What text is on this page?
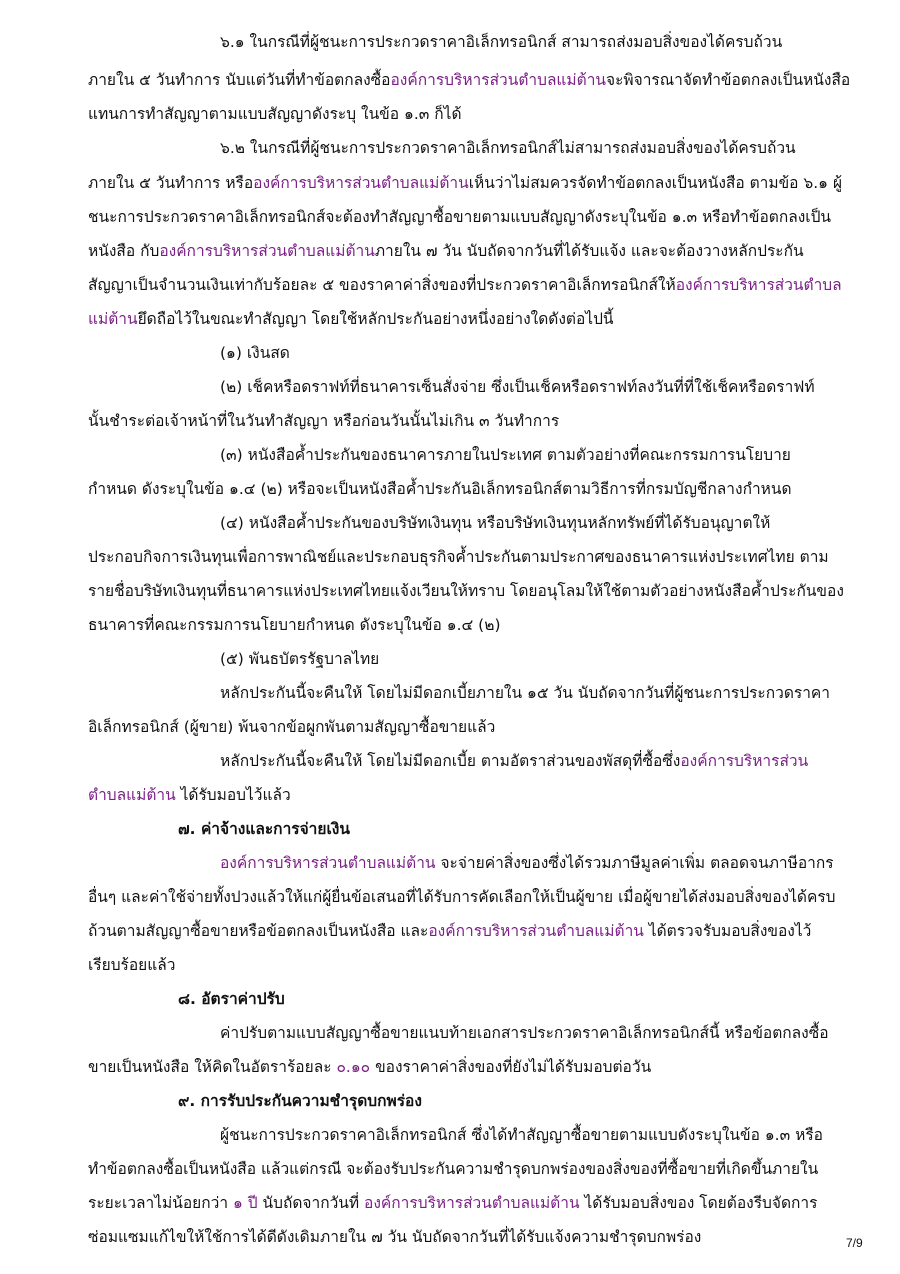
๖.๑ ในกรณีที่ผู้ชนะการประกวดราคาอิเล็กทรอนิกส์ สามารถส่งมอบสิ่งของได้ครบถ้วน
ภายใน ๕ วันทำการ นับแต่วันที่ทำข้อตกลงซื้อองค์การบริหารส่วนตำบลแม่ต้านจะพิจารณาจัดทำข้อตกลงเป็นหนังสือ
แทนการทำสัญญาตามแบบสัญญาดังระบุ ในข้อ ๑.๓ ก็ได้
๖.๒ ในกรณีที่ผู้ชนะการประกวดราคาอิเล็กทรอนิกส์ไม่สามารถส่งมอบสิ่งของได้ครบถ้วน
ภายใน ๕ วันทำการ หรือองค์การบริหารส่วนตำบลแม่ต้านเห็นว่าไม่สมควรจัดทำข้อตกลงเป็นหนังสือ ตามข้อ ๖.๑ ผู้
ชนะการประกวดราคาอิเล็กทรอนิกส์จะต้องทำสัญญาซื้อขายตามแบบสัญญาดังระบุในข้อ ๑.๓ หรือทำข้อตกลงเป็น
หนังสือ กับองค์การบริหารส่วนตำบลแม่ต้านภายใน ๗ วัน นับถัดจากวันที่ได้รับแจ้ง และจะต้องวางหลักประกัน
สัญญาเป็นจำนวนเงินเท่ากับร้อยละ ๕ ของราคาค่าสิ่งของที่ประกวดราคาอิเล็กทรอนิกส์ให้องค์การบริหารส่วนตำบล
แม่ต้านยึดถือไว้ในขณะทำสัญญา โดยใช้หลักประกันอย่างหนึ่งอย่างใดดังต่อไปนี้
(๑) เงินสด
(๒) เช็คหรือดราฟท์ที่ธนาคารเซ็นสั่งจ่าย ซึ่งเป็นเช็คหรือดราฟท์ลงวันที่ที่ใช้เช็คหรือดราฟท์
นั้นชำระต่อเจ้าหน้าที่ในวันทำสัญญา หรือก่อนวันนั้นไม่เกิน ๓ วันทำการ
(๓) หนังสือค้ำประกันของธนาคารภายในประเทศ ตามตัวอย่างที่คณะกรรมการนโยบาย
กำหนด ดังระบุในข้อ ๑.๔ (๒) หรือจะเป็นหนังสือค้ำประกันอิเล็กทรอนิกส์ตามวิธีการที่กรมบัญชีกลางกำหนด
(๔) หนังสือค้ำประกันของบริษัทเงินทุน หรือบริษัทเงินทุนหลักทรัพย์ที่ได้รับอนุญาตให้
ประกอบกิจการเงินทุนเพื่อการพาณิชย์และประกอบธุรกิจค้ำประกันตามประกาศของธนาคารแห่งประเทศไทย ตาม
รายชื่อบริษัทเงินทุนที่ธนาคารแห่งประเทศไทยแจ้งเวียนให้ทราบ โดยอนุโลมให้ใช้ตามตัวอย่างหนังสือค้ำประกันของ
ธนาคารที่คณะกรรมการนโยบายกำหนด ดังระบุในข้อ ๑.๔ (๒)
(๕) พันธบัตรรัฐบาลไทย
หลักประกันนี้จะคืนให้ โดยไม่มีดอกเบี้ยภายใน ๑๕ วัน นับถัดจากวันที่ผู้ชนะการประกวดราคา
อิเล็กทรอนิกส์ (ผู้ขาย) พ้นจากข้อผูกพันตามสัญญาซื้อขายแล้ว
หลักประกันนี้จะคืนให้ โดยไม่มีดอกเบี้ย ตามอัตราส่วนของพัสดุที่ซื้อซึ่งองค์การบริหารส่วน
ตำบลแม่ต้าน ได้รับมอบไว้แล้ว
๗. ค่าจ้างและการจ่ายเงิน
องค์การบริหารส่วนตำบลแม่ต้าน จะจ่ายค่าสิ่งของซึ่งได้รวมภาษีมูลค่าเพิ่ม ตลอดจนภาษีอากร
อื่นๆ และค่าใช้จ่ายทั้งปวงแล้วให้แก่ผู้ยื่นข้อเสนอที่ได้รับการคัดเลือกให้เป็นผู้ขาย เมื่อผู้ขายได้ส่งมอบสิ่งของได้ครบ
ถ้วนตามสัญญาซื้อขายหรือข้อตกลงเป็นหนังสือ และองค์การบริหารส่วนตำบลแม่ต้าน ได้ตรวจรับมอบสิ่งของไว้
เรียบร้อยแล้ว
๘. อัตราค่าปรับ
ค่าปรับตามแบบสัญญาซื้อขายแนบท้ายเอกสารประกวดราคาอิเล็กทรอนิกส์นี้ หรือข้อตกลงซื้อ
ขายเป็นหนังสือ ให้คิดในอัตราร้อยละ ๐.๑๐ ของราคาค่าสิ่งของที่ยังไม่ได้รับมอบต่อวัน
๙. การรับประกันความชำรุดบกพร่อง
ผู้ชนะการประกวดราคาอิเล็กทรอนิกส์ ซึ่งได้ทำสัญญาซื้อขายตามแบบดังระบุในข้อ ๑.๓ หรือ
ทำข้อตกลงซื้อเป็นหนังสือ แล้วแต่กรณี จะต้องรับประกันความชำรุดบกพร่องของสิ่งของที่ซื้อขายที่เกิดขึ้นภายใน
ระยะเวลาไม่น้อยกว่า ๑ ปี นับถัดจากวันที่ องค์การบริหารส่วนตำบลแม่ต้าน ได้รับมอบสิ่งของ โดยต้องรีบจัดการ
ซ่อมแซมแก้ไขให้ใช้การได้ดีดังเดิมภายใน ๗ วัน นับถัดจากวันที่ได้รับแจ้งความชำรุดบกพร่อง	7/9
